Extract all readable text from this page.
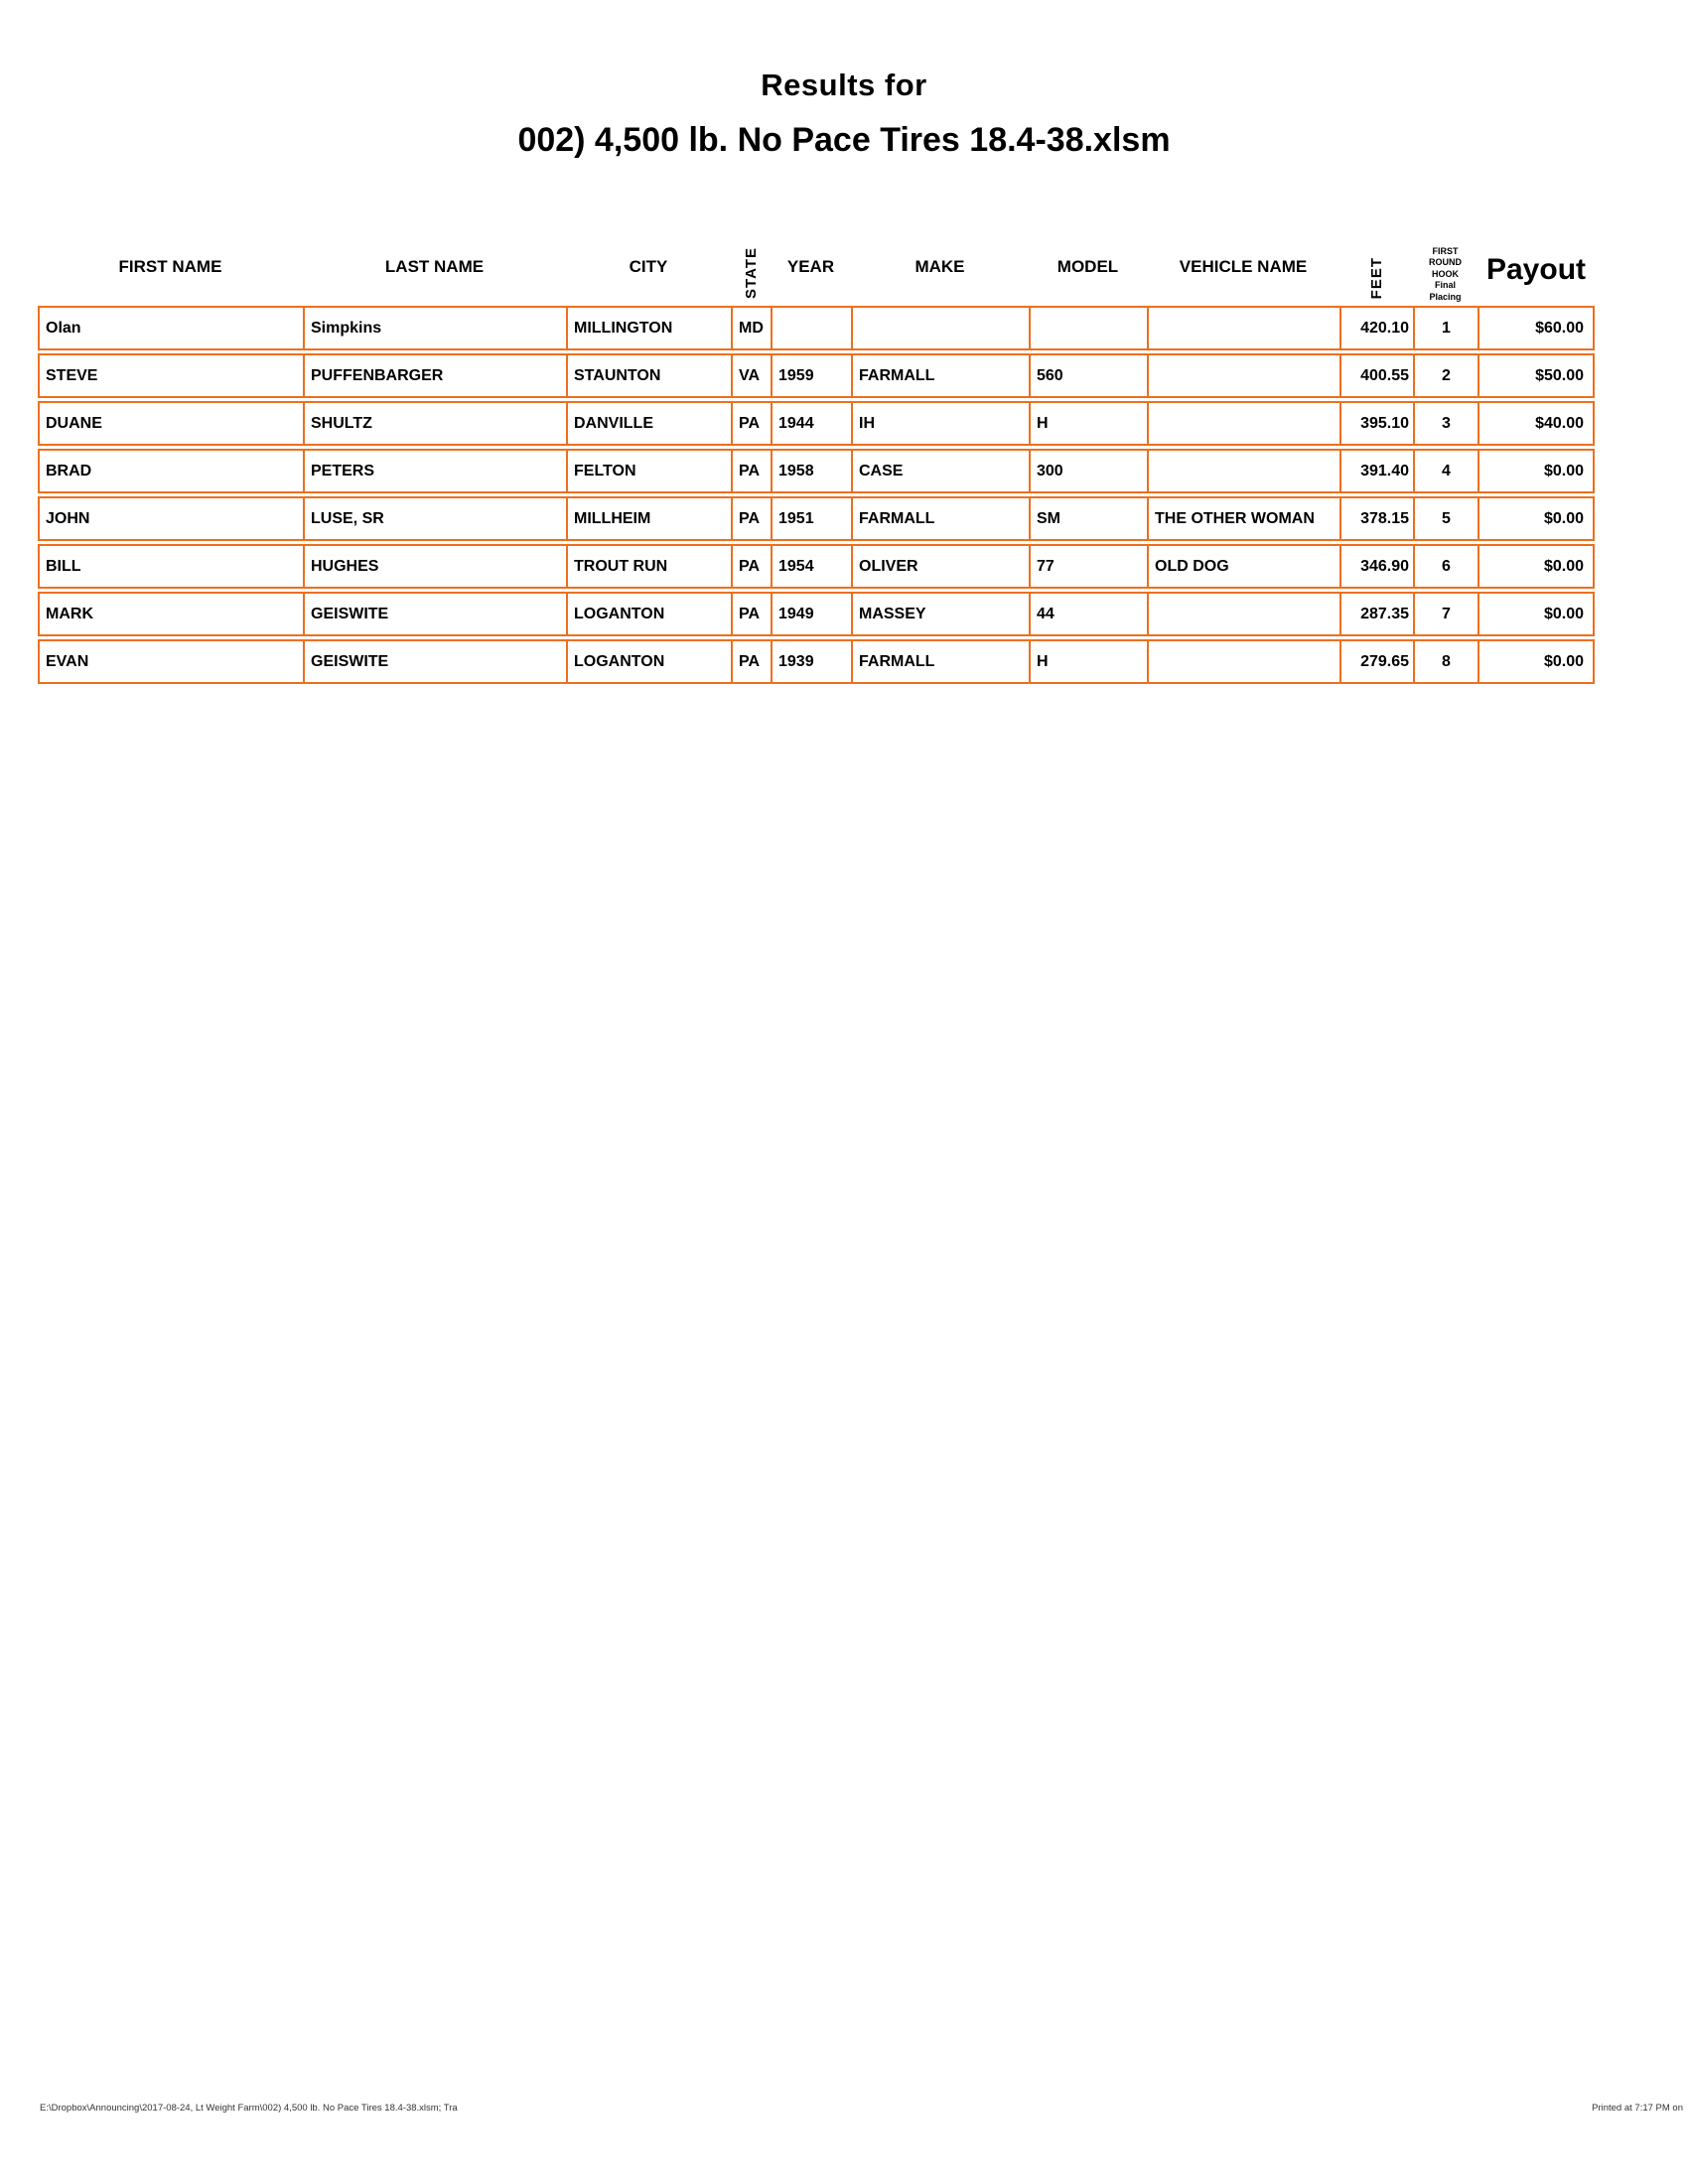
Results for
002) 4,500 lb. No Pace Tires 18.4-38.xlsm
FIRST NAME	LAST NAME	CITY	STATE	YEAR	MAKE	MODEL	VEHICLE NAME	FEET	FIRST
ROUND
HOOK
Final
Placing	Payout
Olan	Simpkins	MILLINGTON	MD					420.10	1	$60.00
STEVE	PUFFENBARGER	STAUNTON	VA	1959	FARMALL	560		400.55	2	$50.00
DUANE	SHULTZ	DANVILLE	PA	1944	IH	H		395.10	3	$40.00
BRAD	PETERS	FELTON	PA	1958	CASE	300		391.40	4	$0.00
JOHN	LUSE, SR	MILLHEIM	PA	1951	FARMALL	SM	THE OTHER WOMAN	378.15	5	$0.00
BILL	HUGHES	TROUT RUN	PA	1954	OLIVER	77	OLD DOG	346.90	6	$0.00
MARK	GEISWITE	LOGANTON	PA	1949	MASSEY	44		287.35	7	$0.00
EVAN	GEISWITE	LOGANTON	PA	1939	FARMALL	H		279.65	8	$0.00
E:\Dropbox\Announcing\2017-08-24, Lt Weight Farm\002) 4,500 lb. No Pace Tires 18.4-38.xlsm; Tra	Printed at 7:17 PM on
